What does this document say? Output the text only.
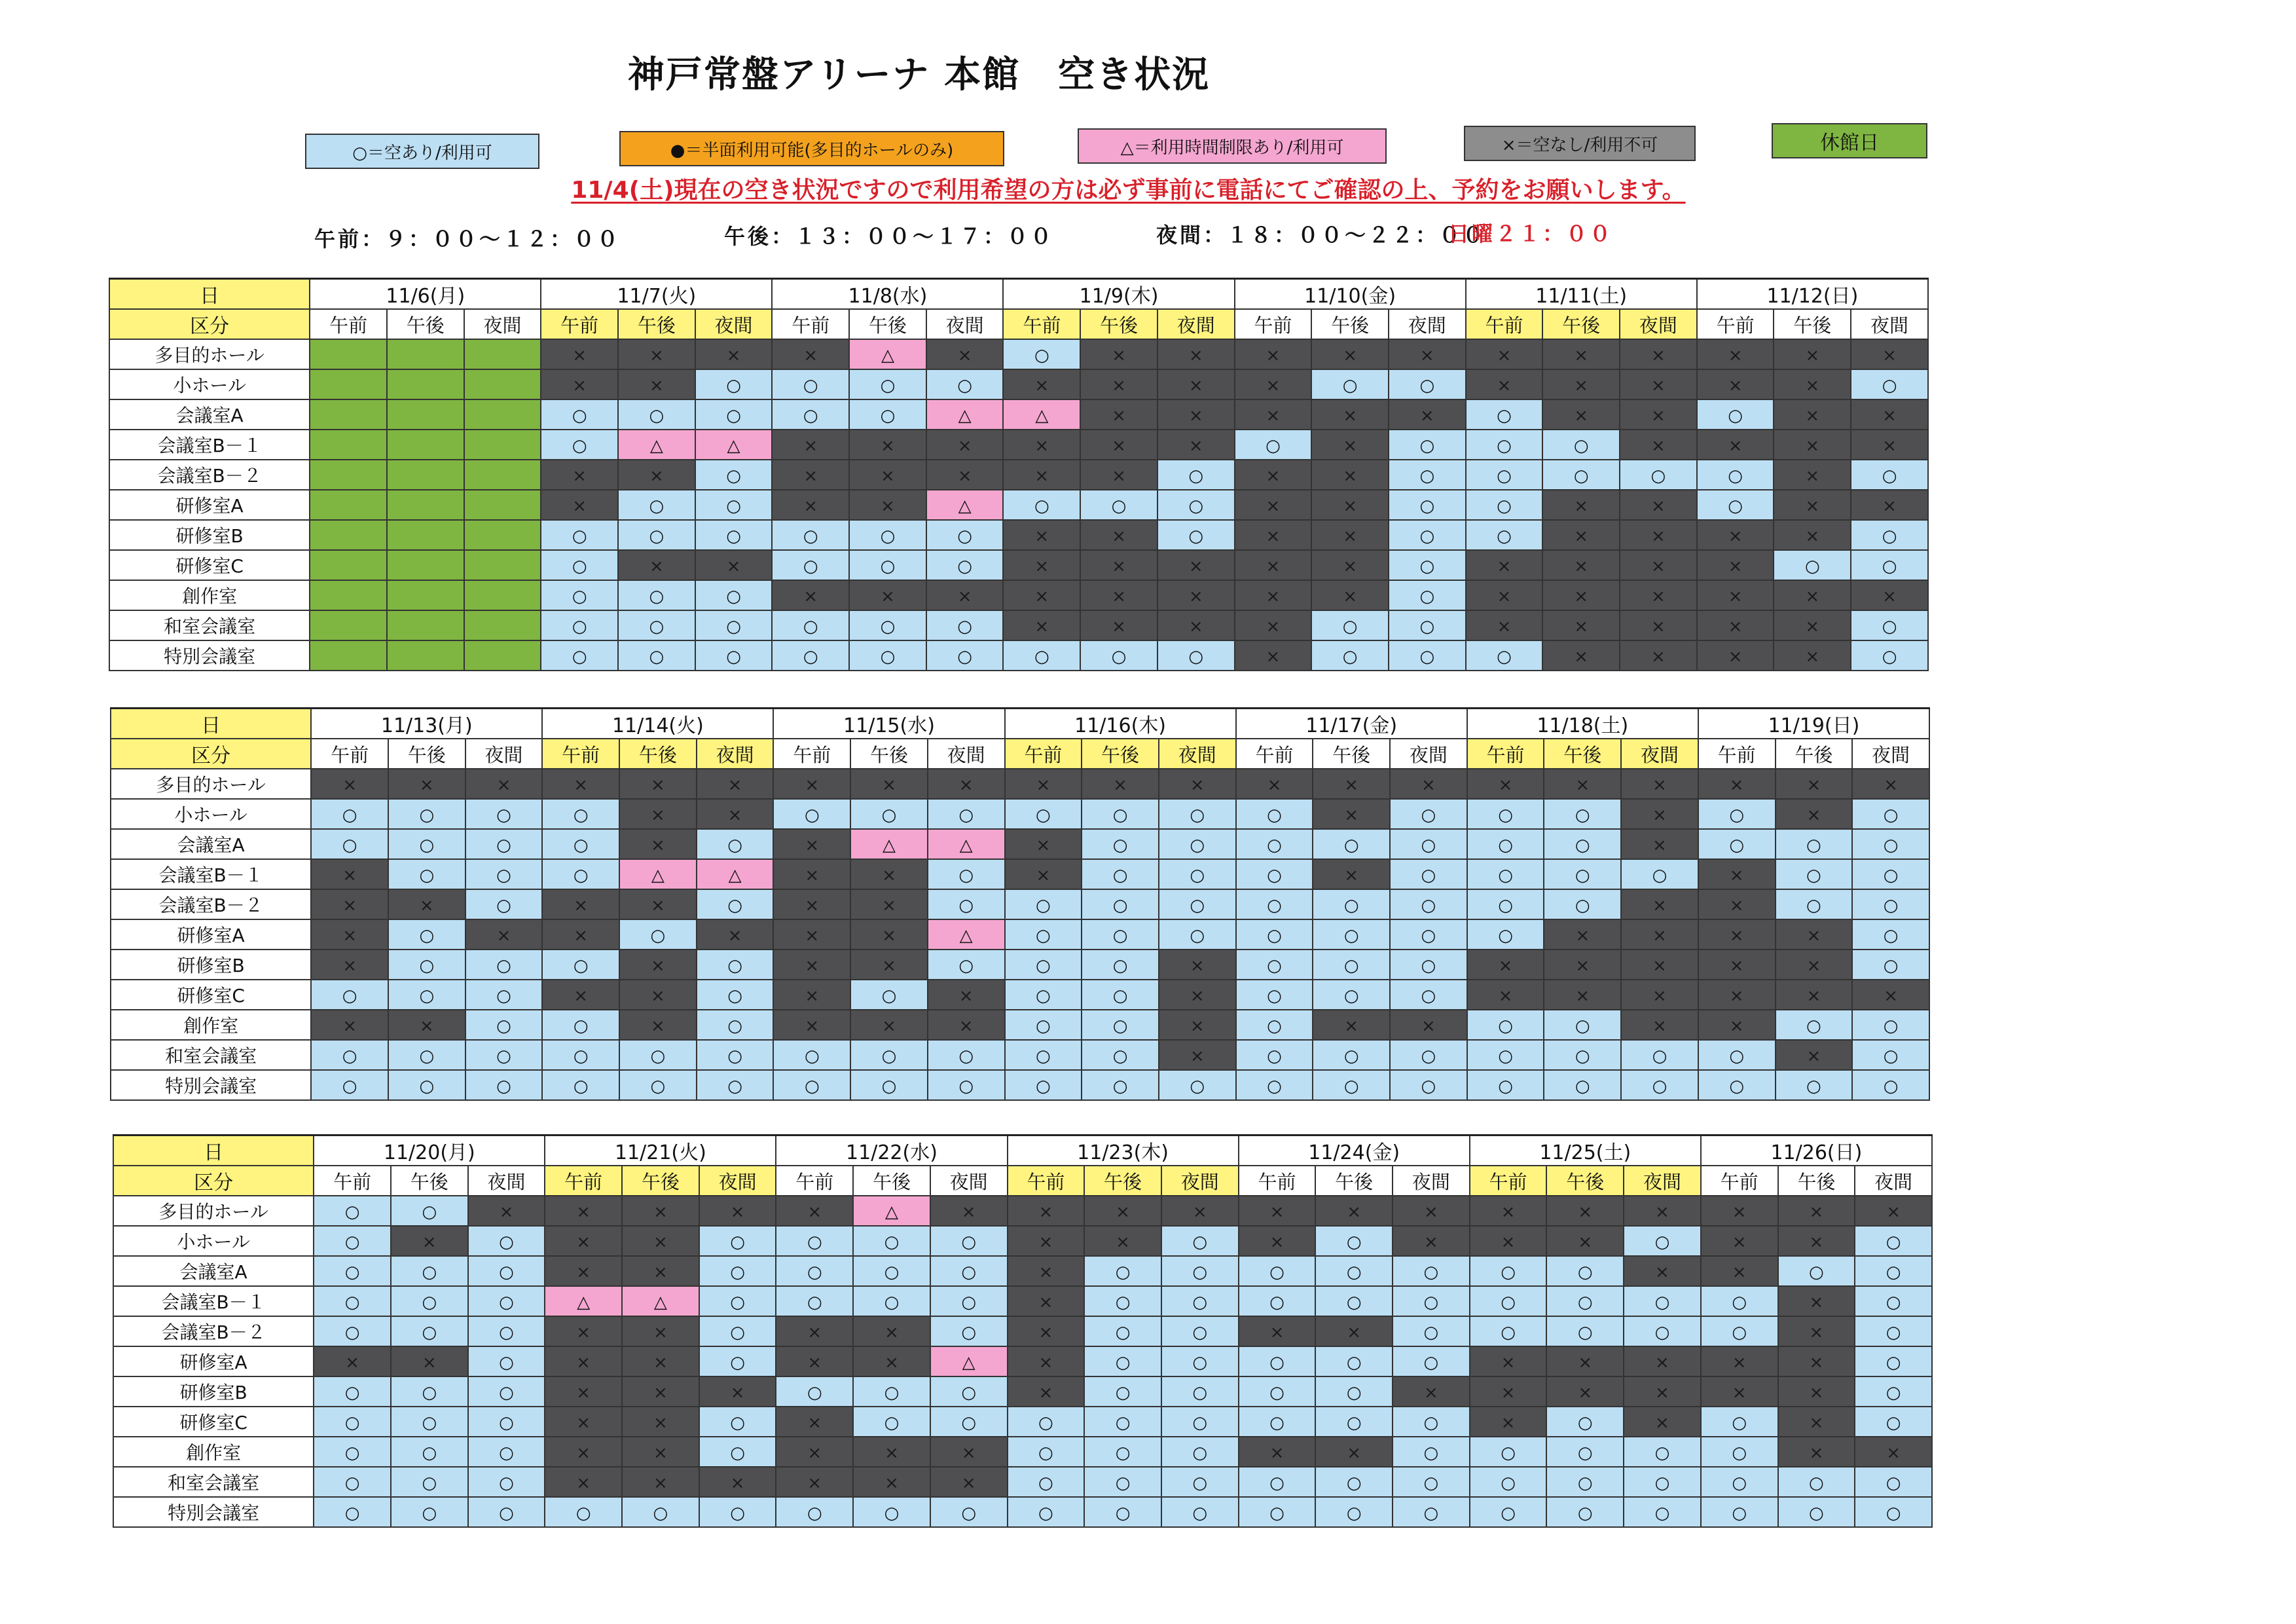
神戸常盤アリーナ 本館　空き状況
○＝空あり/利用可	●＝半面利用可能(多目的ホールのみ)	△＝利用時間制限あり/利用可	×＝空なし/利用不可	休館日
11/4(土)現在の空き状況ですので利用希望の方は必ず事前に電話にてご確認の上、予約をお願いします。
午前：９：００～１２：００	午後：１３：００～１７：００	夜間：１８：００～２２：００
日曜２１：００
日	11/6(月)			11/7(火)			11/8(水)			11/9(木)			11/10(金)			11/11(土)			11/12(日)		
区分	午前	午後	夜間	午前	午後	夜間	午前	午後	夜間	午前	午後	夜間	午前	午後	夜間	午前	午後	夜間	午前	午後	夜間
多目的ホール				×	×	×	×	△	×	○	×	×	×	×	×	×	×	×	×	×	×
小ホール				×	×	○	○	○	○	×	×	×	×	○	○	×	×	×	×	×	○
会議室A				○	○	○	○	○	△	△	×	×	×	×	×	○	×	×	○	×	×
会議室B－１				○	△	△	×	×	×	×	×	×	○	×	○	○	○	×	×	×	×
会議室B－２				×	×	○	×	×	×	×	×	○	×	×	○	○	○	○	○	×	○
研修室A				×	○	○	×	×	△	○	○	○	×	×	○	○	×	×	○	×	×
研修室B				○	○	○	○	○	○	×	×	○	×	×	○	○	×	×	×	×	○
研修室C				○	×	×	○	○	○	×	×	×	×	×	○	×	×	×	×	○	○
創作室				○	○	○	×	×	×	×	×	×	×	×	○	×	×	×	×	×	×
和室会議室				○	○	○	○	○	○	×	×	×	×	○	○	×	×	×	×	×	○
特別会議室				○	○	○	○	○	○	○	○	○	×	○	○	○	×	×	×	×	○
日	11/13(月)			11/14(火)			11/15(水)			11/16(木)			11/17(金)			11/18(土)			11/19(日)		
区分	午前	午後	夜間	午前	午後	夜間	午前	午後	夜間	午前	午後	夜間	午前	午後	夜間	午前	午後	夜間	午前	午後	夜間
多目的ホール	×	×	×	×	×	×	×	×	×	×	×	×	×	×	×	×	×	×	×	×	×
小ホール	○	○	○	○	×	×	○	○	○	○	○	○	○	×	○	○	○	×	○	×	○
会議室A	○	○	○	○	×	○	×	△	△	×	○	○	○	○	○	○	○	×	○	○	○
会議室B－１	×	○	○	○	△	△	×	×	○	×	○	○	○	×	○	○	○	○	×	○	○
会議室B－２	×	×	○	×	×	○	×	×	○	○	○	○	○	○	○	○	○	×	×	○	○
研修室A	×	○	×	×	○	×	×	×	△	○	○	○	○	○	○	○	×	×	×	×	○
研修室B	×	○	○	○	×	○	×	×	○	○	○	×	○	○	○	×	×	×	×	×	○
研修室C	○	○	○	×	×	○	×	○	×	○	○	×	○	○	○	×	×	×	×	×	×
創作室	×	×	○	○	×	○	×	×	×	○	○	×	○	×	×	○	○	×	×	○	○
和室会議室	○	○	○	○	○	○	○	○	○	○	○	×	○	○	○	○	○	○	○	×	○
特別会議室	○	○	○	○	○	○	○	○	○	○	○	○	○	○	○	○	○	○	○	○	○
日	11/20(月)			11/21(火)			11/22(水)			11/23(木)			11/24(金)			11/25(土)			11/26(日)		
区分	午前	午後	夜間	午前	午後	夜間	午前	午後	夜間	午前	午後	夜間	午前	午後	夜間	午前	午後	夜間	午前	午後	夜間
多目的ホール	○	○	×	×	×	×	×	△	×	×	×	×	×	×	×	×	×	×	×	×	×
小ホール	○	×	○	×	×	○	○	○	○	×	×	○	×	○	×	×	×	○	×	×	○
会議室A	○	○	○	×	×	○	○	○	○	×	○	○	○	○	○	○	○	×	×	○	○
会議室B－１	○	○	○	△	△	○	○	○	○	×	○	○	○	○	○	○	○	○	○	×	○
会議室B－２	○	○	○	×	×	○	×	×	○	×	○	○	×	×	○	○	○	○	○	×	○
研修室A	×	×	○	×	×	○	×	×	△	×	○	○	○	○	○	×	×	×	×	×	○
研修室B	○	○	○	×	×	×	○	○	○	×	○	○	○	○	×	×	×	×	×	×	○
研修室C	○	○	○	×	×	○	×	○	○	○	○	○	○	○	○	×	○	×	○	×	○
創作室	○	○	○	×	×	○	×	×	×	○	○	○	×	×	○	○	○	○	○	×	×
和室会議室	○	○	○	×	×	×	×	×	×	○	○	○	○	○	○	○	○	○	○	○	○
特別会議室	○	○	○	○	○	○	○	○	○	○	○	○	○	○	○	○	○	○	○	○	○
